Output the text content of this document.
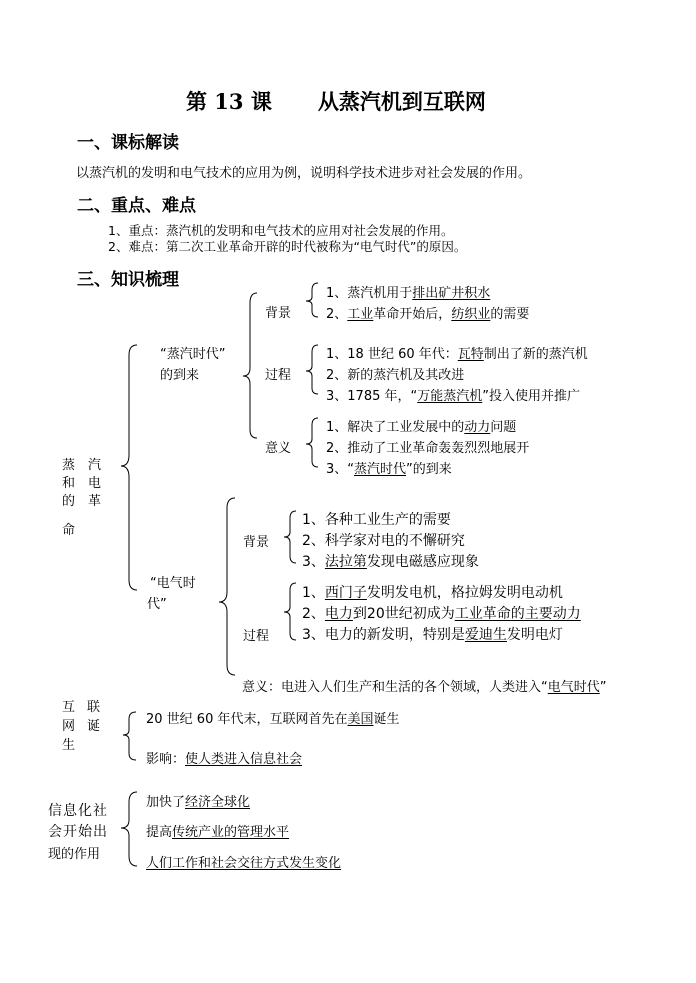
第 13 课 从蒸汽机到互联网
一、课标解读
以蒸汽机的发明和电气技术的应用为例，说明科学技术进步对社会发展的作用。
二、重点、难点
1、重点：蒸汽机的发明和电气技术的应用对社会发展的作用。
2、难点：第二次工业革命开辟的时代被称为“电气时代”的原因。
三、知识梳理
蒸和的
命
汽电革
“蒸汽时代”
的到来
背景
1、蒸汽机用于排出矿井积水
2、工业革命开始后，纺织业的需要
过程
1、18 世纪 60 年代：瓦特制出了新的蒸汽机
2、新的蒸汽机及其改进
3、1785 年，“万能蒸汽机”投入使用并推广
意义
1、解决了工业发展中的动力问题
2、推动了工业革命轰轰烈烈地展开
3、“蒸汽时代”的到来
“电气时
代”
背景
1、各种工业生产的需要
2、科学家对电的不懈研究
3、法拉第发现电磁感应现象
过程
1、西门子发明发电机，格拉姆发明电动机
2、电力到20世纪初成为工业革命的主要动力
3、电力的新发明，特别是爱迪生发明电灯
意义：电进入人们生产和生活的各个领域，人类进入“电气时代”
互网生
联诞	20 世纪 60 年代末，互联网首先在美国诞生
影响：使人类进入信息社会
信息化社
会开始出
现的作用
加快了经济全球化
提高传统产业的管理水平
人们工作和社会交往方式发生变化
